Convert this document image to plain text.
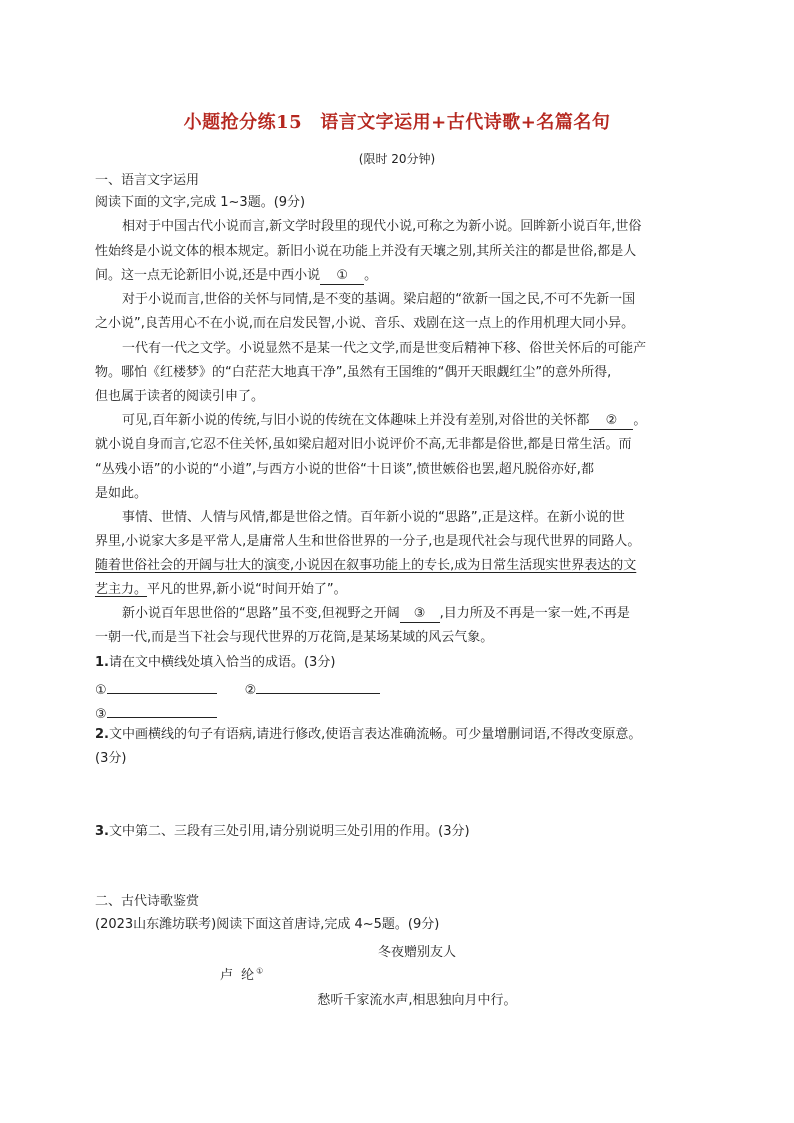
小题抢分练15 语言文字运用+古代诗歌+名篇名句
(限时 20分钟)
一、语言文字运用
阅读下面的文字,完成 1~3题。(9分)
相对于中国古代小说而言,新文学时段里的现代小说,可称之为新小说。回眸新小说百年,世俗
性始终是小说文体的根本规定。新旧小说在功能上并没有天壤之别,其所关注的都是世俗,都是人
间。这一点无论新旧小说,还是中西小说 ① 。
对于小说而言,世俗的关怀与同情,是不变的基调。梁启超的“欲新一国之民,不可不先新一国
之小说”,良苦用心不在小说,而在启发民智,小说、音乐、戏剧在这一点上的作用机理大同小异。
一代有一代之文学。小说显然不是某一代之文学,而是世变后精神下移、俗世关怀后的可能产
物。哪怕《红楼梦》的“白茫茫大地真干净”,虽然有王国维的“偶开天眼觑红尘”的意外所得,
但也属于读者的阅读引申了。
可见,百年新小说的传统,与旧小说的传统在文体趣味上并没有差别,对俗世的关怀都 ② 。
就小说自身而言,它忍不住关怀,虽如梁启超对旧小说评价不高,无非都是俗世,都是日常生活。而
“丛残小语”的小说的“小道”,与西方小说的世俗“十日谈”,愤世嫉俗也罢,超凡脱俗亦好,都
是如此。
事情、世情、人情与风情,都是世俗之情。百年新小说的“思路”,正是这样。在新小说的世
界里,小说家大多是平常人,是庸常人生和世俗世界的一分子,也是现代社会与现代世界的同路人。
随着世俗社会的开阔与壮大的演变,小说因在叙事功能上的专长,成为日常生活现实世界表达的文
艺主力。平凡的世界,新小说“时间开始了”。
新小说百年思世俗的“思路”虽不变,但视野之开阔 ③ ,目力所及不再是一家一姓,不再是
一朝一代,而是当下社会与现代世界的万花筒,是某场某域的风云气象。
1.请在文中横线处填入恰当的成语。(3分)
①	②
③
2.文中画横线的句子有语病,请进行修改,使语言表达准确流畅。可少量增删词语,不得改变原意。
(3分)
3.文中第二、三段有三处引用,请分别说明三处引用的作用。(3分)
二、古代诗歌鉴赏
(2023山东潍坊联考)阅读下面这首唐诗,完成 4~5题。(9分)
冬夜赠别友人
卢 纶①
愁听千家流水声,相思独向月中行。
